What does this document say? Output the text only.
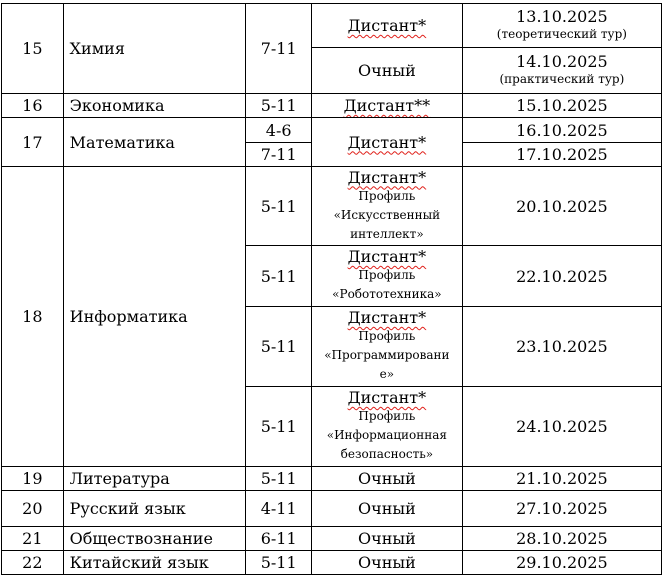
15	Химия	7-11	Дистант*	13.10.2025
(теоретический тур)

			Очный	14.10.2025
(практический тур)

16	Экономика	5-11	Дистант**	15.10.2025
17	Математика	4-6	Дистант*	16.10.2025
		7-11		17.10.2025
18	Информатика	5-11	Дистант*
Профиль
«Искусственный
интеллект»	20.10.2025
		5-11	Дистант*
Профиль
«Робототехника»	22.10.2025
		5-11	Дистант*
Профиль
«Программировани
е»	23.10.2025
		5-11	Дистант*
Профиль
«Информационная
безопасность»	24.10.2025
19	Литература	5-11	Очный	21.10.2025
20	Русский язык	4-11	Очный	27.10.2025
21	Обществознание	6-11	Очный	28.10.2025
22	Китайский язык	5-11	Очный	29.10.2025
